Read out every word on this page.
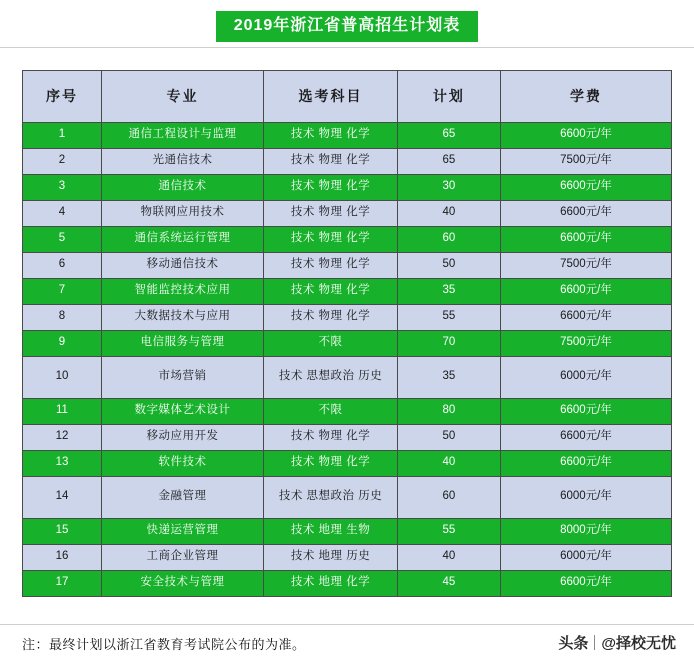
2019年浙江省普高招生计划表
序号	专业	选考科目	计划	学费
1	通信工程设计与监理	技术 物理 化学	65	6600元/年
2	光通信技术	技术 物理 化学	65	7500元/年
3	通信技术	技术 物理 化学	30	6600元/年
4	物联网应用技术	技术 物理 化学	40	6600元/年
5	通信系统运行管理	技术 物理 化学	60	6600元/年
6	移动通信技术	技术 物理 化学	50	7500元/年
7	智能监控技术应用	技术 物理 化学	35	6600元/年
8	大数据技术与应用	技术 物理 化学	55	6600元/年
9	电信服务与管理	不限	70	7500元/年
10	市场营销	技术 思想政治 历史	35	6000元/年
11	数字媒体艺术设计	不限	80	6600元/年
12	移动应用开发	技术 物理 化学	50	6600元/年
13	软件技术	技术 物理 化学	40	6600元/年
14	金融管理	技术 思想政治 历史	60	6000元/年
15	快递运营管理	技术 地理 生物	55	8000元/年
16	工商企业管理	技术 地理 历史	40	6000元/年
17	安全技术与管理	技术 地理 化学	45	6600元/年
注：最终计划以浙江省教育考试院公布的为准。	头条 @择校无忧
